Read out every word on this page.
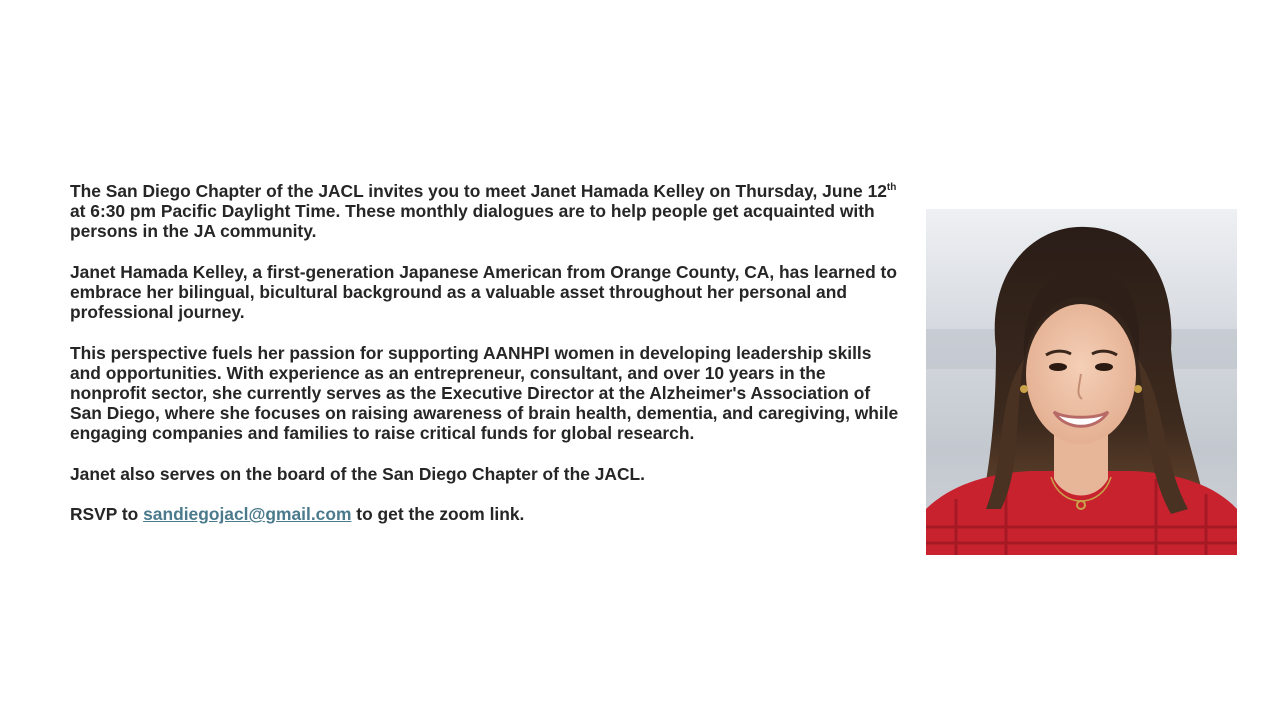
The San Diego Chapter of the JACL invites you to meet Janet Hamada Kelley on Thursday, June 12th at 6:30 pm Pacific Daylight Time. These monthly dialogues are to help people get acquainted with persons in the JA community.

Janet Hamada Kelley, a first-generation Japanese American from Orange County, CA, has learned to embrace her bilingual, bicultural background as a valuable asset throughout her personal and professional journey.

This perspective fuels her passion for supporting AANHPI women in developing leadership skills and opportunities. With experience as an entrepreneur, consultant, and over 10 years in the nonprofit sector, she currently serves as the Executive Director at the Alzheimer's Association of San Diego, where she focuses on raising awareness of brain health, dementia, and caregiving, while engaging companies and families to raise critical funds for global research.

Janet also serves on the board of the San Diego Chapter of the JACL.

RSVP to sandiegojacl@gmail.com to get the zoom link.
